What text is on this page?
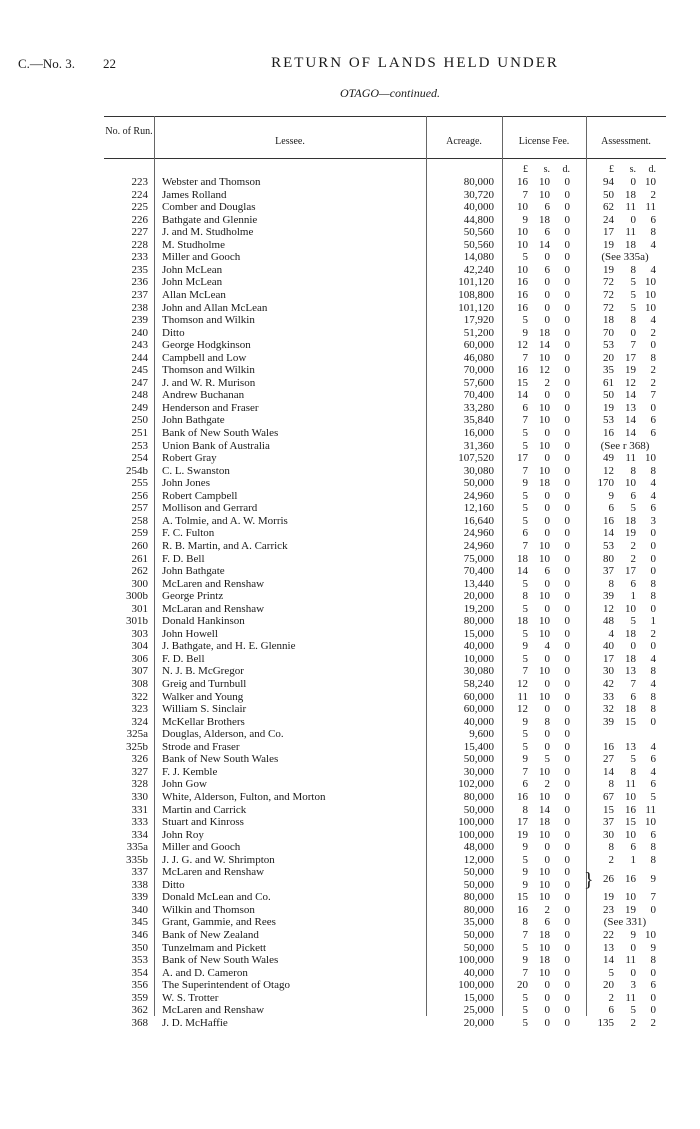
C.—No. 3. 22	RETURN OF LANDS HELD UNDER
OTAGO—continued.
No. of Run.
Lessee.	Acreage.	License Fee.	Assessment.
£ s. d.	£ s. d.
223 Webster and Thomson	80,000	16 10 0	94 0 10
224 James Rolland	30,720	7 10 0	50 18 2
225 Comber and Douglas	40,000	10 6 0	62 11 11
226 Bathgate and Glennie	44,800	9 18 0	24 0 6
227 J. and M. Studholme	50,560	10 6 0	17 11 8
228 M. Studholme	50,560	10 14 0	19 18 4
233 Miller and Gooch	14,080	5 0 0	(See 335a)
235 John McLean	42,240	10 6 0	19 8 4
236 John McLean	101,120	16 0 0	72 5 10
237 Allan McLean	108,800	16 0 0	72 5 10
238 John and Allan McLean	101,120	16 0 0	72 5 10
239 Thomson and Wilkin	17,920	5 0 0	18 8 4
240 Ditto	51,200	9 18 0	70 0 2
243 George Hodgkinson	60,000	12 14 0	53 7 0
244 Campbell and Low	46,080	7 10 0	20 17 8
245 Thomson and Wilkin	70,000	16 12 0	35 19 2
247 J. and W. R. Murison	57,600	15 2 0	61 12 2
248 Andrew Buchanan	70,400	14 0 0	50 14 7
249 Henderson and Fraser	33,280	6 10 0	19 13 0
250 John Bathgate	35,840	7 10 0	53 14 6
251 Bank of New South Wales	16,000	5 0 0	16 14 6
253 Union Bank of Australia	31,360	5 10 0	(See r 368)
254 Robert Gray	107,520	17 0 0	49 11 10
254b C. L. Swanston	30,080	7 10 0	12 8 8
255 John Jones	50,000	9 18 0	170 10 4
256 Robert Campbell	24,960	5 0 0	9 6 4
257 Mollison and Gerrard	12,160	5 0 0	6 5 6
258 A. Tolmie, and A. W. Morris	16,640	5 0 0	16 18 3
259 F. C. Fulton	24,960	6 0 0	14 19 0
260 R. B. Martin, and A. Carrick	24,960	7 10 0	53 2 0
261 F. D. Bell	75,000	18 10 0	80 2 0
262 John Bathgate	70,400	14 6 0	37 17 0
300 McLaren and Renshaw	13,440	5 0 0	8 6 8
300b George Printz	20,000	8 10 0	39 1 8
301 McLaran and Renshaw	19,200	5 0 0	12 10 0
301b Donald Hankinson	80,000	18 10 0	48 5 1
303 John Howell	15,000	5 10 0	4 18 2
304 J. Bathgate, and H. E. Glennie	40,000	9 4 0	40 0 0
306 F. D. Bell	10,000	5 0 0	17 18 4
307 N. J. B. McGregor	30,080	7 10 0	30 13 8
308 Greig and Turnbull	58,240	12 0 0	42 7 4
322 Walker and Young	60,000	11 10 0	33 6 8
323 William S. Sinclair	60,000	12 0 0	32 18 8
324 McKellar Brothers	40,000	9 8 0	39 15 0
325a Douglas, Alderson, and Co.	9,600	5 0 0
325b Strode and Fraser	15,400	5 0 0	16 13 4
326 Bank of New South Wales	50,000	9 5 0	27 5 6
327 F. J. Kemble	30,000	7 10 0	14 8 4
328 John Gow	102,000	6 2 0	8 11 6
330 White, Alderson, Fulton, and Morton	80,000	16 10 0	67 10 5
331 Martin and Carrick	50,000	8 14 0	15 16 11
333 Stuart and Kinross	100,000	17 18 0	37 15 10
334 John Roy	100,000	19 10 0	30 10 6
335a Miller and Gooch	48,000	9 0 0	8 6 8
335b J. J. G. and W. Shrimpton	12,000	5 0 0	2 1 8
337 McLaren and Renshaw	50,000	9 10 0
338 Ditto	50,000	9 10 0 } 26 16 9
339 Donald McLean and Co.	80,000	15 10 0	19 10 7
340 Wilkin and Thomson	80,000	16 2 0	23 19 0
345 Grant, Gammie, and Rees	35,000	8 6 0	(See 331)
346 Bank of New Zealand	50,000	7 18 0	22 9 10
350 Tunzelmam and Pickett	50,000	5 10 0	13 0 9
353 Bank of New South Wales	100,000	9 18 0	14 11 8
354 A. and D. Cameron	40,000	7 10 0	5 0 0
356 The Superintendent of Otago	100,000	20 0 0	20 3 6
359 W. S. Trotter	15,000	5 0 0	2 11 0
362 McLaren and Renshaw	25,000	5 0 0	6 5 0
368 J. D. McHaffie	20,000	5 0 0	135 2 2
